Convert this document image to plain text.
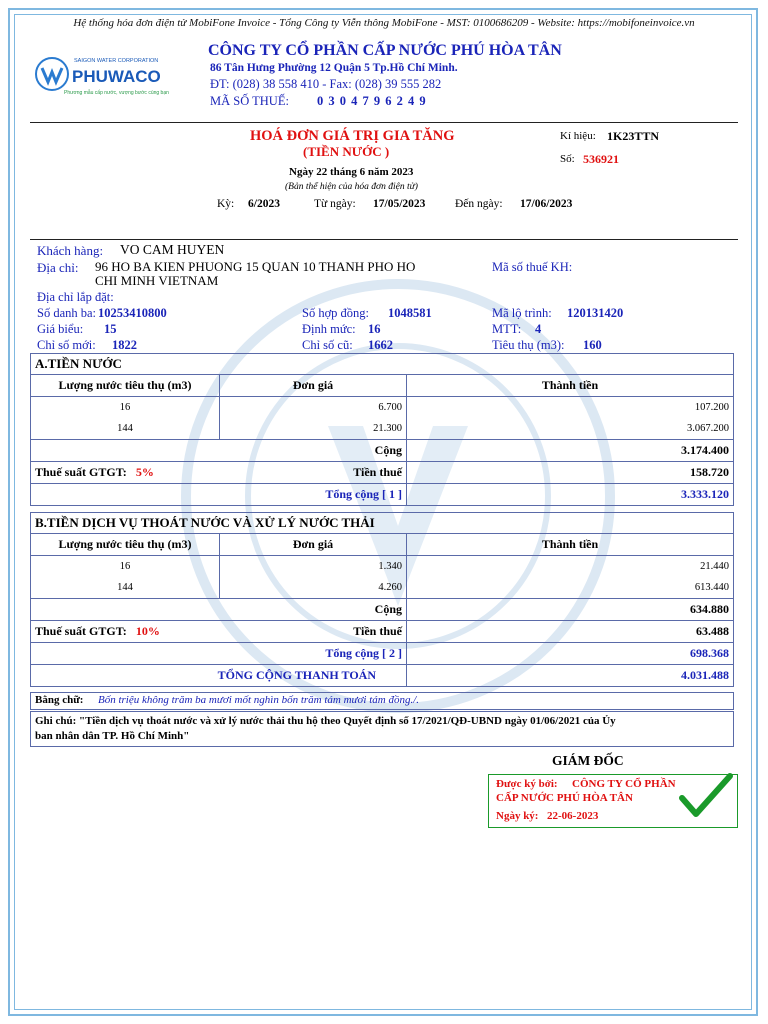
Hệ thống hóa đơn điện tử MobiFone Invoice - Tổng Công ty Viễn thông MobiFone - MST: 0100686209 - Website: https://mobifoneinvoice.vn
SAIGON WATER CORPORATION
PHUWACO
Phương mẫu cấp nước, vượng bước cùng bạn
CÔNG TY CỔ PHẦN CẤP NƯỚC PHÚ HÒA TÂN
86 Tân Hưng Phường 12 Quận 5 Tp.Hồ Chí Minh.
ĐT: (028) 38 558 410 - Fax: (028) 39 555 282
MÃ SỐ THUẾ: 0 3 0 4 7 9 6 2 4 9
HOÁ ĐƠN GIÁ TRỊ GIA TĂNG
(TIỀN NƯỚC )
Ngày 22 tháng 6 năm 2023
(Bản thể hiện của hóa đơn điện tử)
Kí hiệu: 1K23TTN
Số: 536921
Kỳ: 6/2023	Từ ngày: 17/05/2023	Đến ngày: 17/06/2023
Khách hàng: VO CAM HUYEN
Địa chỉ: 96 HO BA KIEN PHUONG 15 QUAN 10 THANH PHO HO
CHI MINH VIETNAM
Mã số thuế KH:
Địa chỉ lắp đặt:
Số danh ba: 10253410800	Số hợp đồng: 1048581	Mã lộ trình: 120131420
Giá biểu: 15	Định mức: 16	MTT: 4
Chỉ số mới: 1822	Chỉ số cũ: 1662	Tiêu thụ (m3): 160
A.TIỀN NƯỚC		
Lượng nước tiêu thụ (m3)	Đơn giá	Thành tiền
16	6.700	107.200
144	21.300	3.067.200
Cộng		3.174.400
Thuế suất GTGT: 5% Tiền thuế		158.720
Tổng cộng [ 1 ]		3.333.120
B.TIỀN DỊCH VỤ THOÁT NƯỚC VÀ XỬ LÝ NƯỚC THẢI		
Lượng nước tiêu thụ (m3)	Đơn giá	Thành tiền
16	1.340	21.440
144	4.260	613.440
Cộng		634.880
Thuế suất GTGT: 10% Tiền thuế		63.488
Tổng cộng [ 2 ]		698.368
TỔNG CỘNG THANH TOÁN		4.031.488
Bằng chữ: Bốn triệu không trăm ba mươi mốt nghìn bốn trăm tám mươi tám đồng./.
Ghi chú: "Tiền dịch vụ thoát nước và xử lý nước thải thu hộ theo Quyết định số 17/2021/QĐ-UBND ngày 01/06/2021 của Ủy
ban nhân dân TP. Hồ Chí Minh"
GIÁM ĐỐC
Được ký bởi: CÔNG TY CỔ PHẦN
CẤP NƯỚC PHÚ HÒA TÂN
Ngày ký: 22-06-2023
